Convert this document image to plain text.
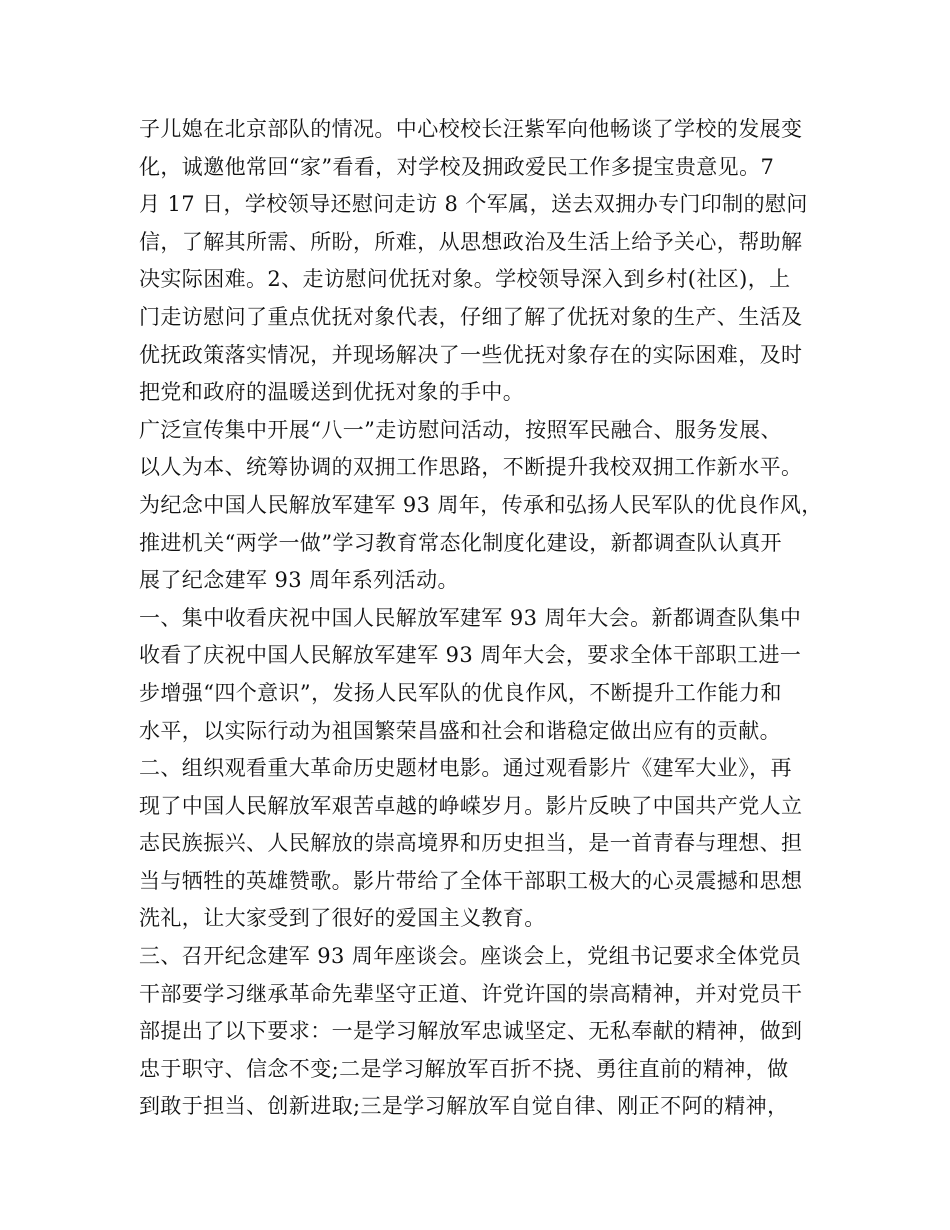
子儿媳在北京部队的情况。中心校校长汪紫军向他畅谈了学校的发展变
化，诚邀他常回“家”看看，对学校及拥政爱民工作多提宝贵意见。7
月 17 日，学校领导还慰问走访 8 个军属，送去双拥办专门印制的慰问
信，了解其所需、所盼，所难，从思想政治及生活上给予关心，帮助解
决实际困难。2、走访慰问优抚对象。学校领导深入到乡村(社区)，上
门走访慰问了重点优抚对象代表，仔细了解了优抚对象的生产、生活及
优抚政策落实情况，并现场解决了一些优抚对象存在的实际困难，及时
把党和政府的温暖送到优抚对象的手中。
广泛宣传集中开展“八一”走访慰问活动，按照军民融合、服务发展、
以人为本、统筹协调的双拥工作思路，不断提升我校双拥工作新水平。
为纪念中国人民解放军建军 93 周年，传承和弘扬人民军队的优良作风，
推进机关“两学一做”学习教育常态化制度化建设，新都调查队认真开
展了纪念建军 93 周年系列活动。
一、集中收看庆祝中国人民解放军建军 93 周年大会。新都调查队集中
收看了庆祝中国人民解放军建军 93 周年大会，要求全体干部职工进一
步增强“四个意识”，发扬人民军队的优良作风，不断提升工作能力和
水平，以实际行动为祖国繁荣昌盛和社会和谐稳定做出应有的贡献。
二、组织观看重大革命历史题材电影。通过观看影片《建军大业》，再
现了中国人民解放军艰苦卓越的峥嵘岁月。影片反映了中国共产党人立
志民族振兴、人民解放的崇高境界和历史担当，是一首青春与理想、担
当与牺牲的英雄赞歌。影片带给了全体干部职工极大的心灵震撼和思想
洗礼，让大家受到了很好的爱国主义教育。
三、召开纪念建军 93 周年座谈会。座谈会上，党组书记要求全体党员
干部要学习继承革命先辈坚守正道、许党许国的崇高精神，并对党员干
部提出了以下要求：一是学习解放军忠诚坚定、无私奉献的精神，做到
忠于职守、信念不变;二是学习解放军百折不挠、勇往直前的精神，做
到敢于担当、创新进取;三是学习解放军自觉自律、刚正不阿的精神，
